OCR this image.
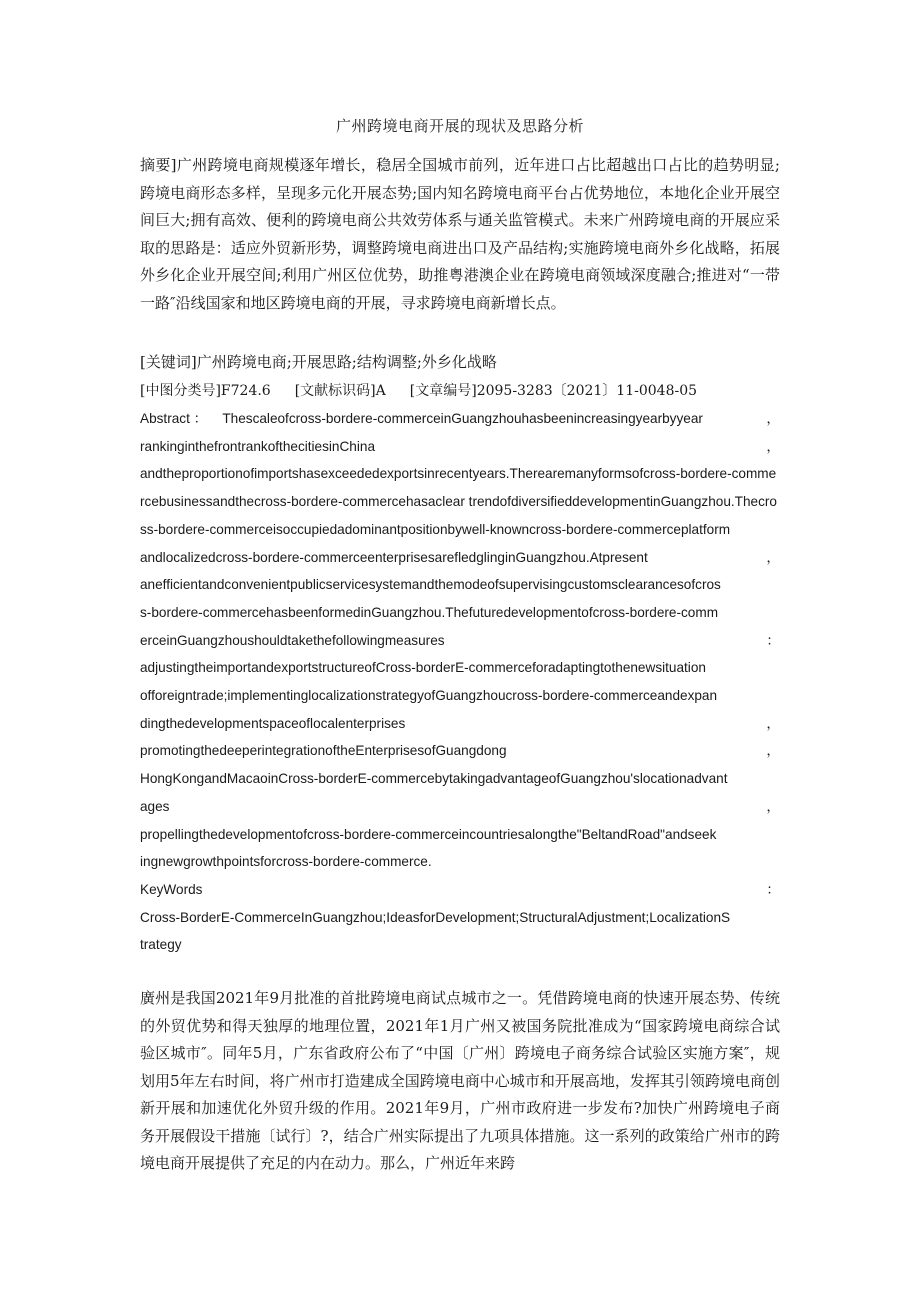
广州跨境电商开展的现状及思路分析
摘要]广州跨境电商规模逐年增长，稳居全国城市前列，近年进口占比超越出口占比的趋势明显;跨境电商形态多样，呈现多元化开展态势;国内知名跨境电商平台占优势地位，本地化企业开展空间巨大;拥有高效、便利的跨境电商公共效劳体系与通关监管模式。未来广州跨境电商的开展应采取的思路是：适应外贸新形势，调整跨境电商进出口及产品结构;实施跨境电商外乡化战略，拓展外乡化企业开展空间;利用广州区位优势，助推粤港澳企业在跨境电商领域深度融合;推进对“一带一路″沿线国家和地区跨境电商的开展，寻求跨境电商新增长点。
[关键词]广州跨境电商;开展思路;结构调整;外乡化战略
[中图分类号]F724.6 [文献标识码]A [文章编号]2095-3283〔2021〕11-0048-05
Abstract ： Thescaleofcross-bordere-commerceinGuangzhouhasbeenincreasingyearbyyear	，
rankinginthefrontrankofthecitiesinChina	，
andtheproportionofimportshasexceededexportsinrecentyears.Therearemanyformsofcross-bordere-commercebusinessandthecross-bordere-commercehasaclear trendofdiversifieddevelopmentinGuangzhou.Thecross-bordere-commerceisoccupiedadominantpositionbywell-knowncross-bordere-commerceplatform
andlocalizedcross-bordere-commerceenterprisesarefledglinginGuangzhou.Atpresent	，
anefficientandconvenientpublicservicesystemandthemodeofsupervisingcustomsclearancesofcros
s-bordere-commercehasbeenformedinGuangzhou.Thefuturedevelopmentofcross-bordere-comm
erceinGuangzhoushouldtakethefollowingmeasures	：
adjustingtheimportandexportstructureofCross-borderE-commerceforadaptingtothenewsituation
offoreigntrade;implementinglocalizationstrategyofGuangzhoucross-bordere-commerceandexpan
dingthedevelopmentspaceoflocalenterprises	，
promotingthedeeperintegrationoftheEnterprisesofGuangdong	，
HongKongandMacaoinCross-borderE-commercebytakingadvantageofGuangzhou'slocationadvant
ages	，
propellingthedevelopmentofcross-bordere-commerceincountriesalongthe"BeltandRoad"andseek
ingnewgrowthpointsforcross-bordere-commerce.
KeyWords	：
Cross-BorderE-CommerceInGuangzhou;IdeasforDevelopment;StructuralAdjustment;LocalizationS
trategy
廣州是我国2021年9月批准的首批跨境电商试点城市之一。凭借跨境电商的快速开展态势、传统的外贸优势和得天独厚的地理位置，2021年1月广州又被国务院批准成为“国家跨境电商综合试验区城市″。同年5月，广东省政府公布了“中国〔广州〕跨境电子商务综合试验区实施方案″，规划用5年左右时间，将广州市打造建成全国跨境电商中心城市和开展高地，发挥其引领跨境电商创新开展和加速优化外贸升级的作用。2021年9月，广州市政府进一步发布?加快广州跨境电子商务开展假设干措施〔试行〕?，结合广州实际提出了九项具体措施。这一系列的政策给广州市的跨境电商开展提供了充足的内在动力。那么，广州近年来跨
